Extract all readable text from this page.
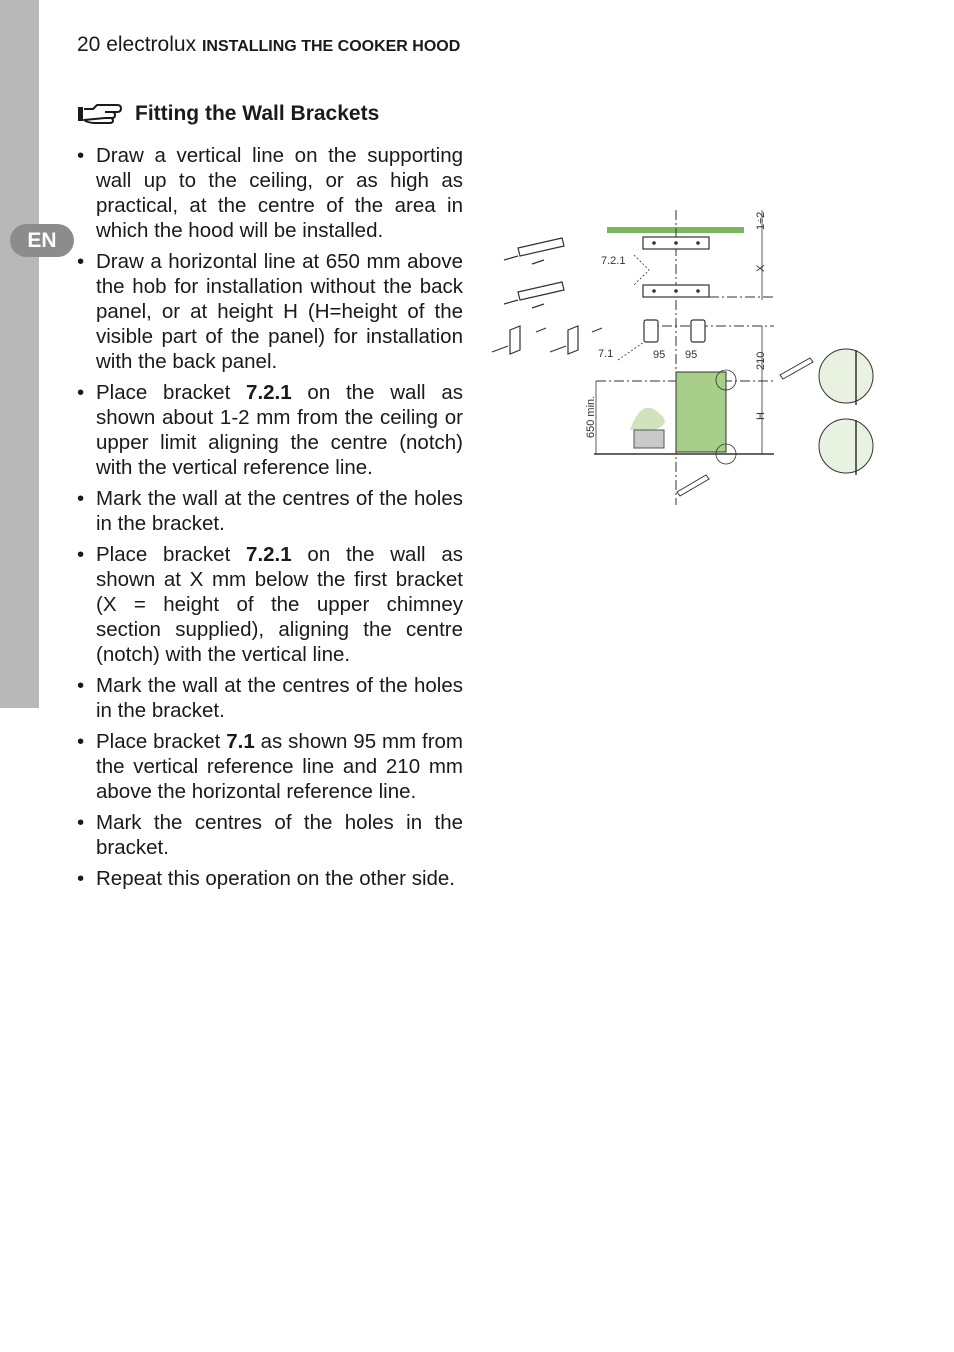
EN
20 electrolux INSTALLING THE COOKER HOOD
Fitting the Wall Brackets
• Draw a vertical line on the supporting wall up to the ceiling, or as high as practical, at the centre of the area in which the hood will be installed.
• Draw a horizontal line at 650 mm above the hob for installation without the back panel, or at height H (H=height of the visible part of the panel) for installation with the back panel.
• Place bracket 7.2.1 on the wall as shown about 1-2 mm from the ceiling or upper limit aligning the centre (notch) with the vertical reference line.
• Mark the wall at the centres of the holes in the bracket.
• Place bracket 7.2.1 on the wall as shown at X mm below the first bracket (X = height of the upper chimney section supplied), aligning the centre (notch) with the vertical line.
• Mark the wall at the centres of the holes in the bracket.
• Place bracket 7.1 as shown 95 mm from the vertical reference line and 210 mm above the horizontal reference line.
• Mark the centres of the holes in the bracket.
• Repeat this operation on the other side.
7.2.1
7.1	95 95
1÷2
X
210
H
650 min.
